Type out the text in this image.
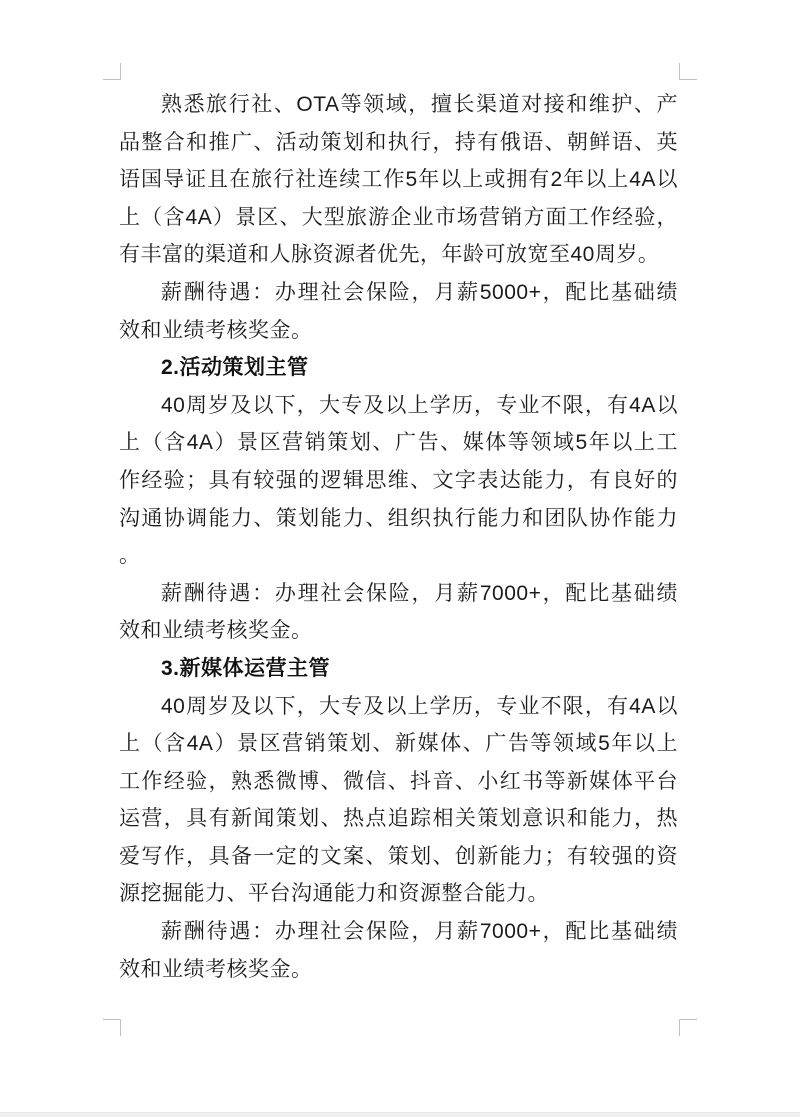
熟悉旅行社、OTA等领域，擅长渠道对接和维护、产
品整合和推广、活动策划和执行，持有俄语、朝鲜语、英
语国导证且在旅行社连续工作5年以上或拥有2年以上4A以
上（含4A）景区、大型旅游企业市场营销方面工作经验，
有丰富的渠道和人脉资源者优先，年龄可放宽至40周岁。
薪酬待遇：办理社会保险，月薪5000+，配比基础绩
效和业绩考核奖金。
2.活动策划主管
40周岁及以下，大专及以上学历，专业不限，有4A以
上（含4A）景区营销策划、广告、媒体等领域5年以上工
作经验；具有较强的逻辑思维、文字表达能力，有良好的
沟通协调能力、策划能力、组织执行能力和团队协作能力
。
薪酬待遇：办理社会保险，月薪7000+，配比基础绩
效和业绩考核奖金。
3.新媒体运营主管
40周岁及以下，大专及以上学历，专业不限，有4A以
上（含4A）景区营销策划、新媒体、广告等领域5年以上
工作经验，熟悉微博、微信、抖音、小红书等新媒体平台
运营，具有新闻策划、热点追踪相关策划意识和能力，热
爱写作，具备一定的文案、策划、创新能力；有较强的资
源挖掘能力、平台沟通能力和资源整合能力。
薪酬待遇：办理社会保险，月薪7000+，配比基础绩
效和业绩考核奖金。
